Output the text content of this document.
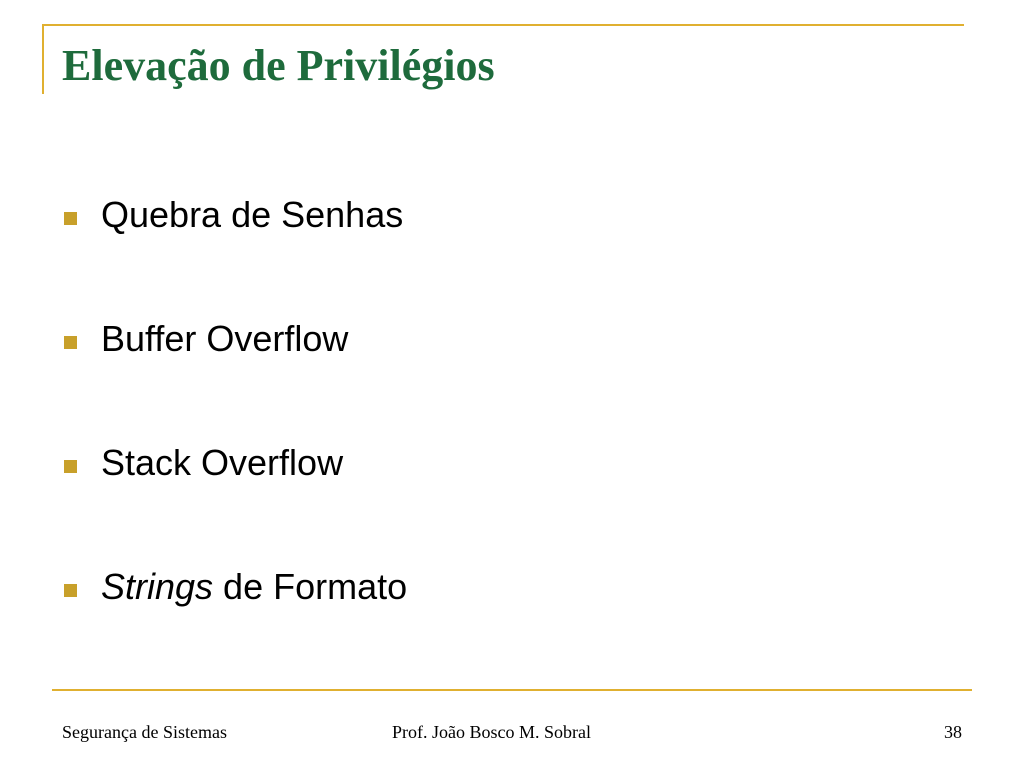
Elevação de Privilégios
Quebra de Senhas
Buffer Overflow
Stack Overflow
Strings de Formato
Segurança de Sistemas	Prof. João Bosco M. Sobral	38
